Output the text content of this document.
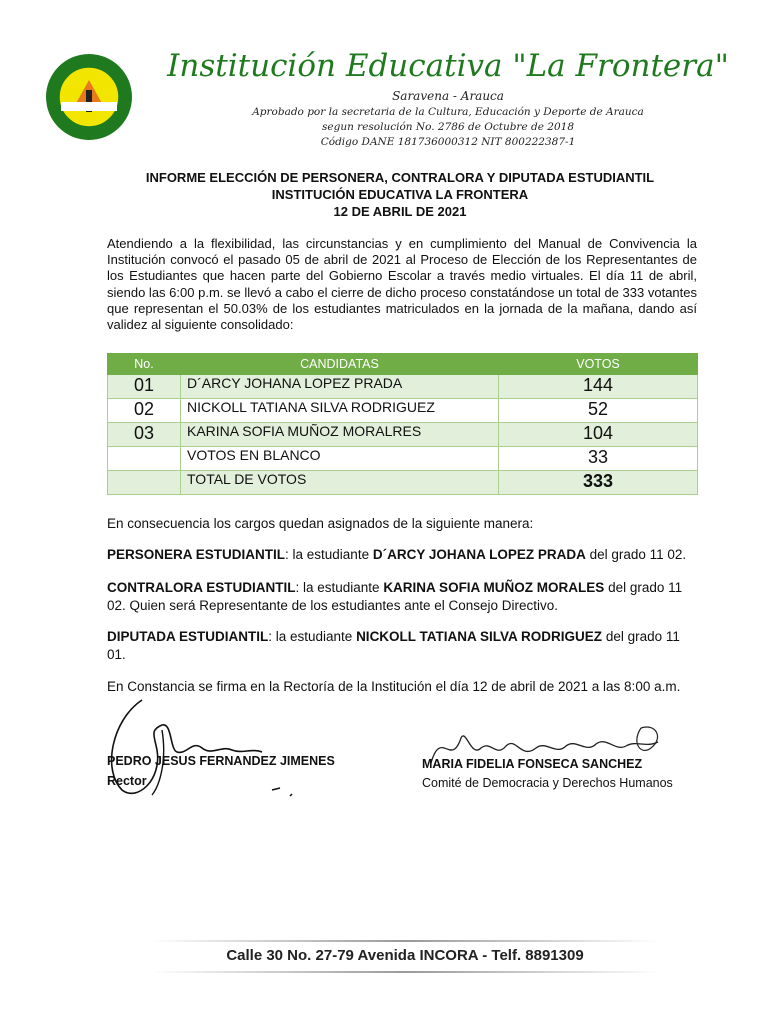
Institución Educativa "La Frontera"
Saravena - Arauca
Aprobado por la secretaria de la Cultura, Educación y Deporte de Arauca
segun resolución No. 2786 de Octubre de 2018
Código DANE 181736000312 NIT 800222387-1
INFORME ELECCIÓN DE PERSONERA, CONTRALORA Y DIPUTADA ESTUDIANTIL
INSTITUCIÓN EDUCATIVA LA FRONTERA
12 DE ABRIL DE 2021
Atendiendo a la flexibilidad, las circunstancias y en cumplimiento del Manual de Convivencia la Institución convocó el pasado 05 de abril de 2021 al Proceso de Elección de los Representantes de los Estudiantes que hacen parte del Gobierno Escolar a través medio virtuales. El día 11 de abril, siendo las 6:00 p.m. se llevó a cabo el cierre de dicho proceso constatándose un total de 333 votantes que representan el 50.03% de los estudiantes matriculados en la jornada de la mañana, dando así validez al siguiente consolidado:
No.	CANDIDATAS	VOTOS
01	D´ARCY JOHANA LOPEZ PRADA	144
02	NICKOLL TATIANA SILVA RODRIGUEZ	52
03	KARINA SOFIA MUÑOZ MORALRES	104
	VOTOS EN BLANCO	33
	TOTAL DE VOTOS	333
En consecuencia los cargos quedan asignados de la siguiente manera:
PERSONERA ESTUDIANTIL: la estudiante D´ARCY JOHANA LOPEZ PRADA del grado 11 02.
CONTRALORA ESTUDIANTIL: la estudiante KARINA SOFIA MUÑOZ MORALES del grado 11 02. Quien será Representante de los estudiantes ante el Consejo Directivo.
DIPUTADA ESTUDIANTIL: la estudiante NICKOLL TATIANA SILVA RODRIGUEZ del grado 11 01.
En Constancia se firma en la Rectoría de la Institución el día 12 de abril de 2021 a las 8:00 a.m.
PEDRO JESUS FERNANDEZ JIMENES
Rector
MARIA FIDELIA FONSECA SANCHEZ
Comité de Democracia y Derechos Humanos
Calle 30 No. 27-79 Avenida INCORA - Telf. 8891309
